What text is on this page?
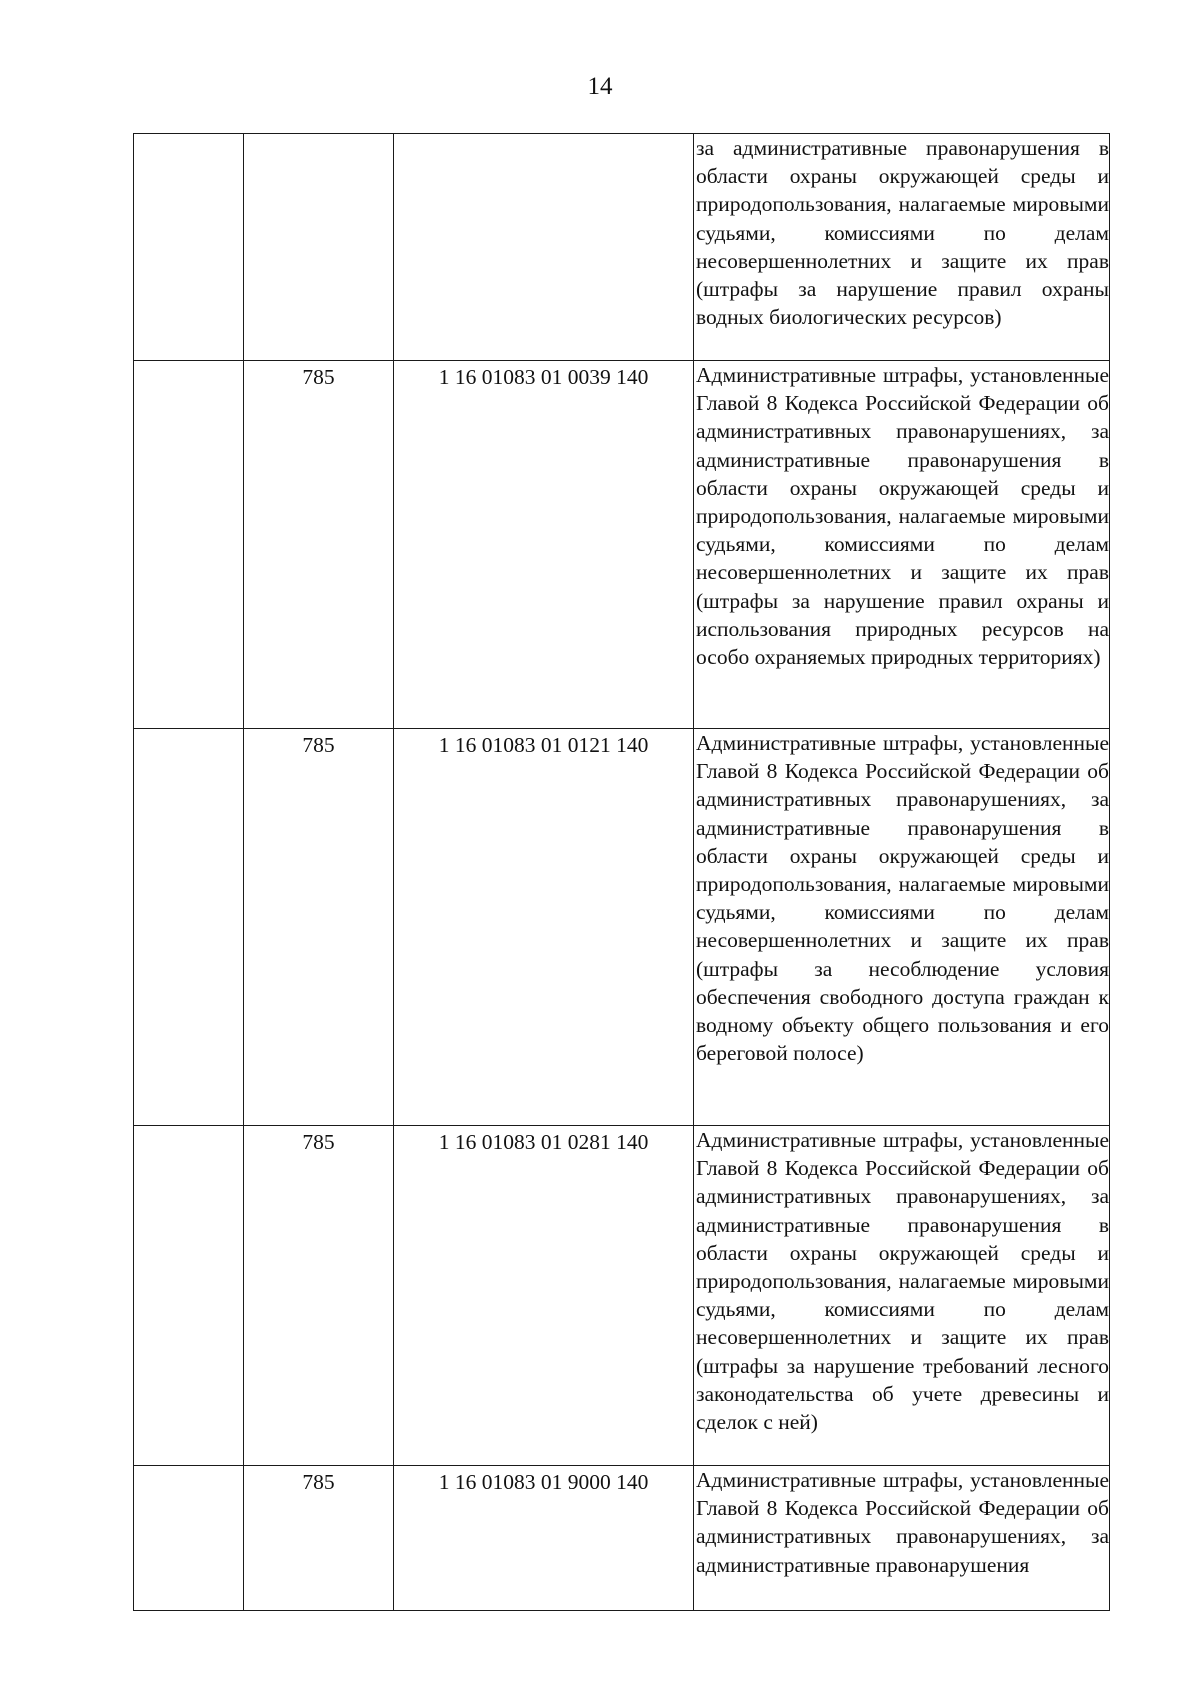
14
			за административные правонарушения в области охраны окружающей среды и природопользования, налагаемые мировыми судьями, комиссиями по делам несовершеннолетних и защите их прав (штрафы за нарушение правил охраны водных биологических ресурсов)
	785	1 16 01083 01 0039 140	Административные штрафы, установленные Главой 8 Кодекса Российской Федерации об административных правонарушениях, за административные правонарушения в области охраны окружающей среды и природопользования, налагаемые мировыми судьями, комиссиями по делам несовершеннолетних и защите их прав (штрафы за нарушение правил охраны и использования природных ресурсов на особо охраняемых природных территориях)
	785	1 16 01083 01 0121 140	Административные штрафы, установленные Главой 8 Кодекса Российской Федерации об административных правонарушениях, за административные правонарушения в области охраны окружающей среды и природопользования, налагаемые мировыми судьями, комиссиями по делам несовершеннолетних и защите их прав (штрафы за несоблюдение условия обеспечения свободного доступа граждан к водному объекту общего пользования и его береговой полосе)
	785	1 16 01083 01 0281 140	Административные штрафы, установленные Главой 8 Кодекса Российской Федерации об административных правонарушениях, за административные правонарушения в области охраны окружающей среды и природопользования, налагаемые мировыми судьями, комиссиями по делам несовершеннолетних и защите их прав (штрафы за нарушение требований лесного законодательства об учете древесины и сделок с ней)
	785	1 16 01083 01 9000 140	Административные штрафы, установленные Главой 8 Кодекса Российской Федерации об административных правонарушениях, за административные правонарушения
